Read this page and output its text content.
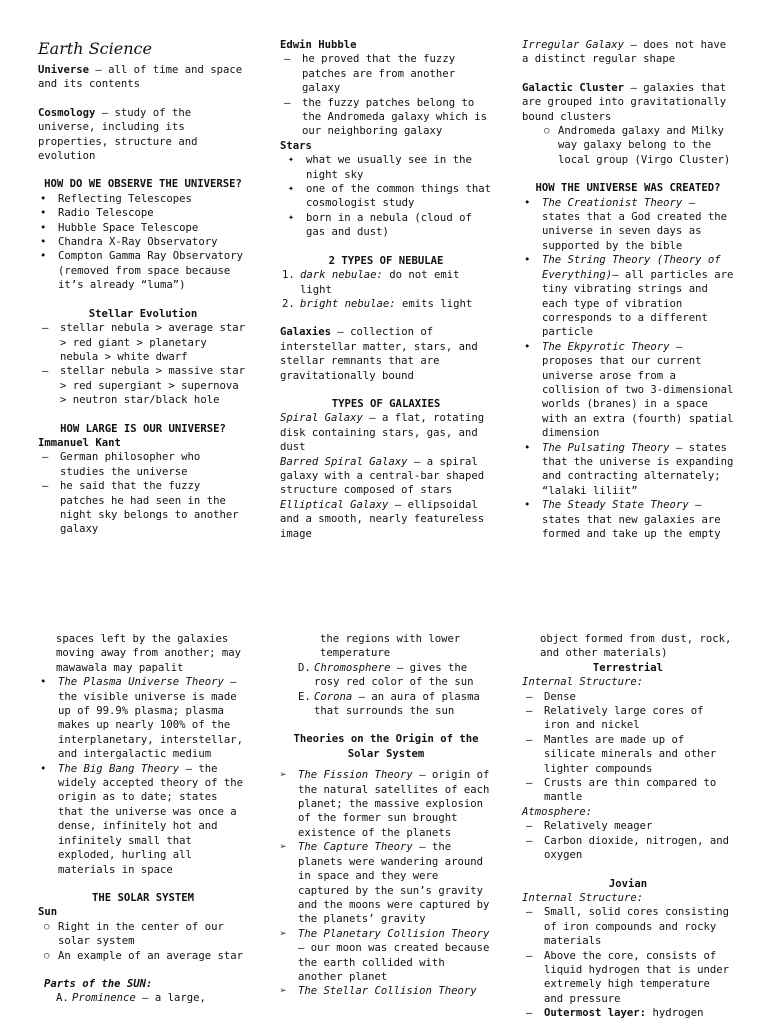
Earth Science

Universe – all of time and space and its contents

Cosmology – study of the universe, including its properties, structure and evolution

HOW DO WE OBSERVE THE UNIVERSE?

• Reflecting Telescopes
• Radio Telescope
• Hubble Space Telescope
• Chandra X-Ray Observatory
• Compton Gamma Ray Observatory (removed from space because it’s already “luma”)

Stellar Evolution

– stellar nebula > average star > red giant > planetary nebula > white dwarf
– stellar nebula > massive star > red supergiant > supernova > neutron star/black hole

HOW LARGE IS OUR UNIVERSE?

Immanuel Kant

– German philosopher who studies the universe
– he said that the fuzzy patches he had seen in the night sky belongs to another galaxy

Edwin Hubble

– he proved that the fuzzy patches are from another galaxy
– the fuzzy patches belong to the Andromeda galaxy which is our neighboring galaxy

Stars

✦ what we usually see in the night sky
✦ one of the common things that cosmologist study
✦ born in a nebula (cloud of gas and dust)

2 TYPES OF NEBULAE

1. dark nebulae: do not emit light
2. bright nebulae: emits light

Galaxies – collection of interstellar matter, stars, and stellar remnants that are gravitationally bound

TYPES OF GALAXIES

Spiral Galaxy – a flat, rotating disk containing stars, gas, and dust

Barred Spiral Galaxy – a spiral galaxy with a central-bar shaped structure composed of stars

Elliptical Galaxy – ellipsoidal and a smooth, nearly featureless image

Irregular Galaxy – does not have a distinct regular shape

Galactic Cluster – galaxies that are grouped into gravitationally bound clusters

○ Andromeda galaxy and Milky way galaxy belong to the local group (Virgo Cluster)

HOW THE UNIVERSE WAS CREATED?

• The Creationist Theory – states that a God created the universe in seven days as supported by the bible
• The String Theory (Theory of Everything)– all particles are tiny vibrating strings and each type of vibration corresponds to a different particle
• The Ekpyrotic Theory – proposes that our current universe arose from a collision of two 3-dimensional worlds (branes) in a space with an extra (fourth) spatial dimension
• The Pulsating Theory – states that the universe is expanding and contracting alternately; “lalaki liliit”
• The Steady State Theory – states that new galaxies are formed and take up the empty

spaces left by the galaxies moving away from another; may mawawala may papalit

• The Plasma Universe Theory – the visible universe is made up of 99.9% plasma; plasma makes up nearly 100% of the interplanetary, interstellar, and intergalactic medium
• The Big Bang Theory – the widely accepted theory of the origin as to date; states that the universe was once a dense, infinitely hot and infinitely small that exploded, hurling all materials in space

THE SOLAR SYSTEM

Sun

○ Right in the center of our solar system
○ An example of an average star

Parts of the SUN:

A. Prominence – a large,

the regions with lower temperature

D. Chromosphere – gives the rosy red color of the sun
E. Corona – an aura of plasma that surrounds the sun

Theories on the Origin of the Solar System

➢ The Fission Theory – origin of the natural satellites of each planet; the massive explosion of the former sun brought existence of the planets
➢ The Capture Theory – the planets were wandering around in space and they were captured by the sun’s gravity and the moons were captured by the planets’ gravity
➢ The Planetary Collision Theory – our moon was created because the earth collided with another planet
➢ The Stellar Collision Theory

object formed from dust, rock, and other materials)

Terrestrial

Internal Structure:

– Dense
– Relatively large cores of iron and nickel
– Mantles are made up of silicate minerals and other lighter compounds
– Crusts are thin compared to mantle

Atmosphere:

– Relatively meager
– Carbon dioxide, nitrogen, and oxygen

Jovian

Internal Structure:

– Small, solid cores consisting of iron compounds and rocky materials
– Above the core, consists of liquid hydrogen that is under extremely high temperature and pressure
– Outermost layer: hydrogen
